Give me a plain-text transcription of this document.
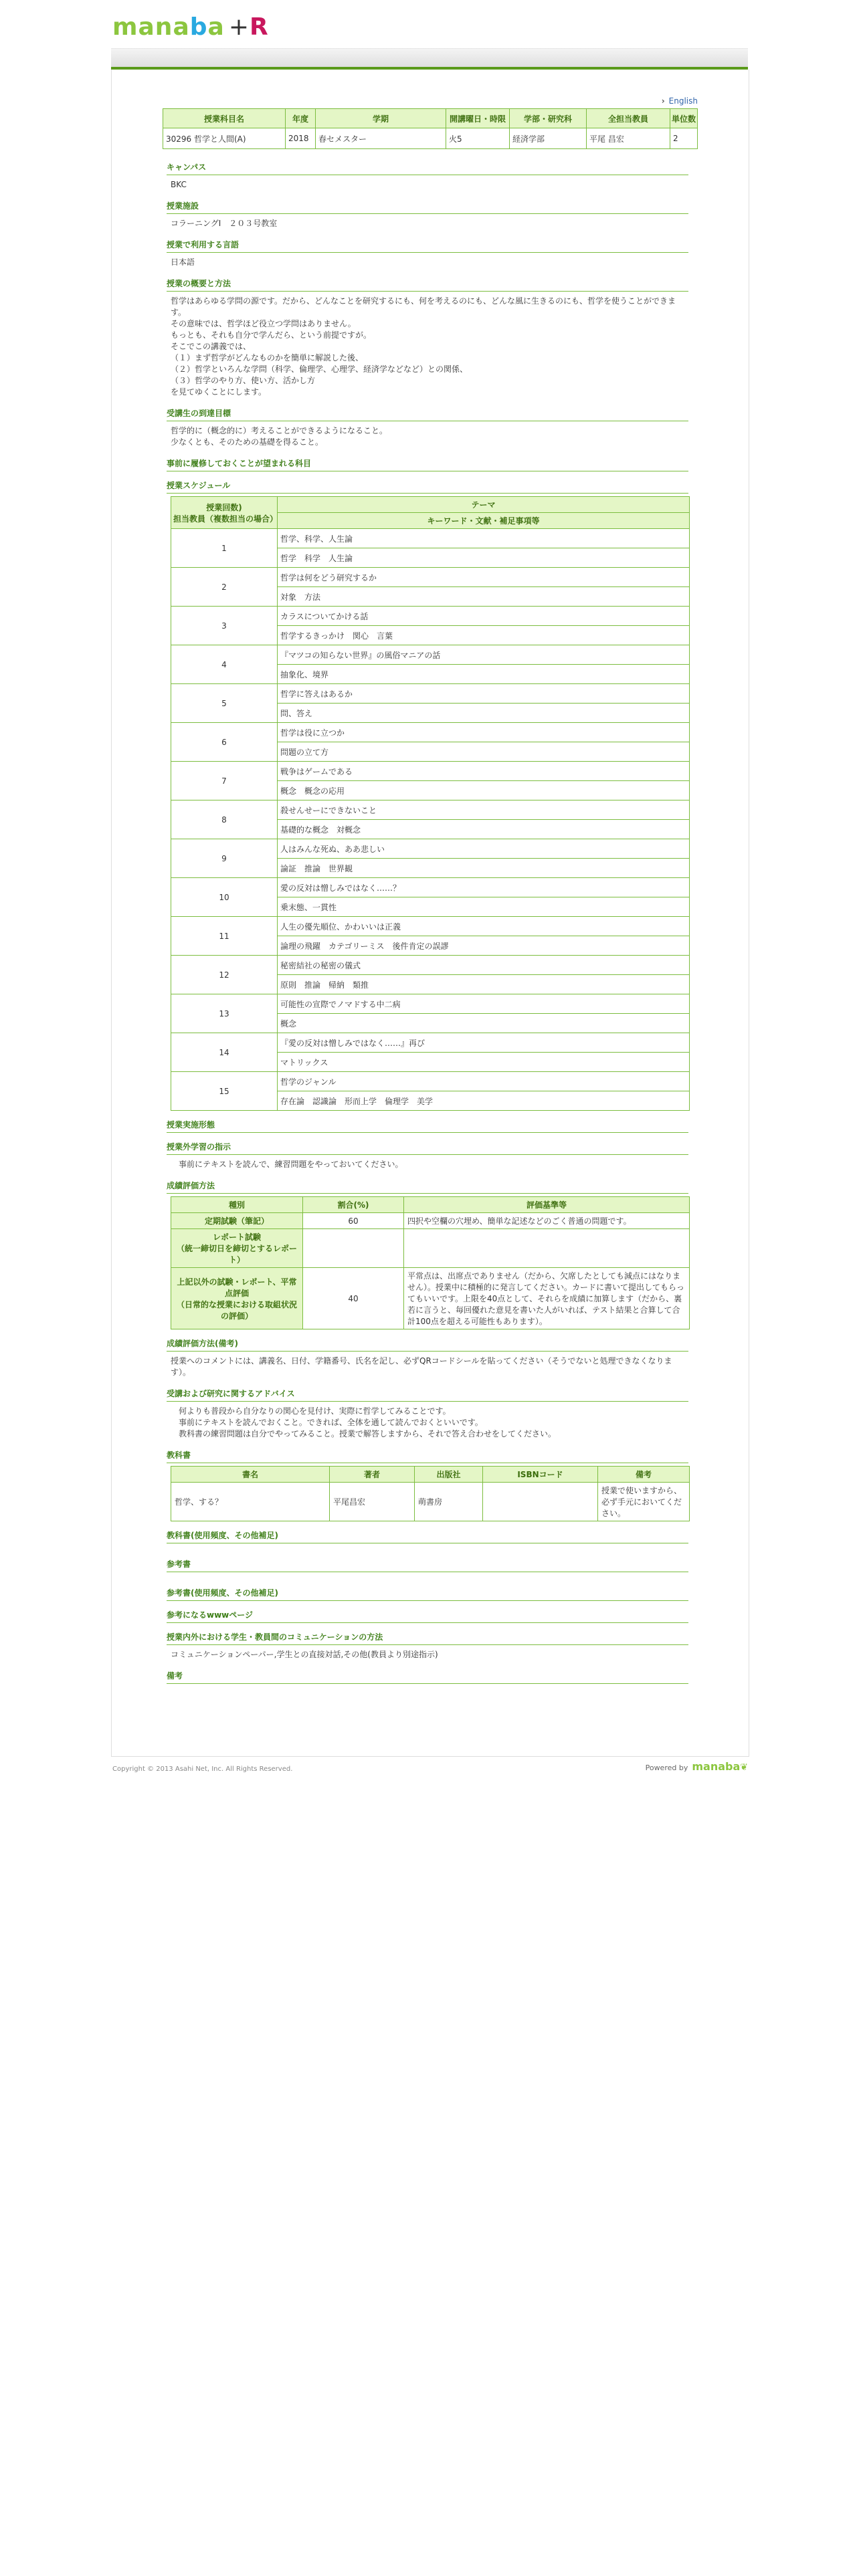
manaba +R
› English
授業科目名	年度	学期	開講曜日・時限	学部・研究科	全担当教員	単位数
30296 哲学と人間(A)	2018	春セメスター	火5	経済学部	平尾 昌宏	2
キャンパス
BKC
授業施設
コラーニングⅠ　２０３号教室
授業で利用する言語
日本語
授業の概要と方法
哲学はあらゆる学問の源です。だから、どんなことを研究するにも、何を考えるのにも、どんな風に生きるのにも、哲学を使うことができます。
その意味では、哲学ほど役立つ学問はありません。
もっとも、それも自分で学んだら、という前提ですが。
そこでこの講義では、
（１）まず哲学がどんなものかを簡単に解説した後、
（２）哲学といろんな学問（科学、倫理学、心理学、経済学などなど）との関係、
（３）哲学のやり方、使い方、活かし方
を見てゆくことにします。
受講生の到達目標
哲学的に（概念的に）考えることができるようになること。
少なくとも、そのための基礎を得ること。
事前に履修しておくことが望まれる科目
授業スケジュール
授業回数)
担当教員（複数担当の場合）	テーマ
	キーワード・文献・補足事項等
1	哲学、科学、人生論
	哲学　科学　人生論
2	哲学は何をどう研究するか
	対象　方法
3	カラスについてかける話
	哲学するきっかけ　関心　言葉
4	『マツコの知らない世界』の風俗マニアの話
	抽象化、境界
5	哲学に答えはあるか
	問、答え
6	哲学は役に立つか
	問題の立て方
7	戦争はゲームである
	概念　概念の応用
8	殺せんせーにできないこと
	基礎的な概念　対概念
9	人はみんな死ぬ、ああ悲しい
	論証　推論　世界観
10	愛の反対は憎しみではなく……？
	乗末態、一貫性
11	人生の優先順位、かわいいは正義
	論理の飛躍　カテゴリーミス　後件肯定の誤謬
12	秘密結社の秘密の儀式
	原則　推論　帰納　類推
13	可能性の宣際でノマドする中二病
	概念
14	『愛の反対は憎しみではなく……』再び
	マトリックス
15	哲学のジャンル
	存在論　認識論　形而上学　倫理学　美学
授業実施形態
授業外学習の指示
事前にテキストを読んで、練習問題をやっておいてください。
成績評価方法
種別	割合(%)	評価基準等
定期試験（筆記）	60	四択や空欄の穴埋め、簡単な記述などのごく普通の問題です。
レポート試験
（統一締切日を締切とするレポート）		
上記以外の試験・レポート、平常点評価
（日常的な授業における取組状況の評価）	40	平常点は、出席点でありません（だから、欠席したとしても減点にはなりません）。授業中に積極的に発言してください。カードに書いて提出してもらってもいいです。上限を40点として、それらを成績に加算します（だから、裏若に言うと、毎回優れた意見を書いた人がいれば、テスト結果と合算して合計100点を超える可能性もあります）。
成績評価方法(備考)
授業へのコメントには、講義名、日付、学籍番号、氏名を記し、必ずQRコードシールを貼ってください（そうでないと処理できなくなります）。
受講および研究に関するアドバイス
何よりも普段から自分なりの関心を見付け、実際に哲学してみることです。
事前にテキストを読んでおくこと。できれば、全体を通して読んでおくといいです。
教科書の練習問題は自分でやってみること。授業で解答しますから、それで答え合わせをしてください。
教科書
書名	著者	出版社	ISBNコード	備考
哲学、する？	平尾昌宏	萌書房		授業で使いますから、必ず手元においてください。
教科書(使用頻度、その他補足)
参考書
参考書(使用頻度、その他補足)
参考になるwwwページ
授業内外における学生・教員間のコミュニケーションの方法
コミュニケーションペーパー,学生との直接対話,その他(教員より別途指示)
備考
Copyright © 2013 Asahi Net, Inc. All Rights Reserved.	Powered by manaba❦
